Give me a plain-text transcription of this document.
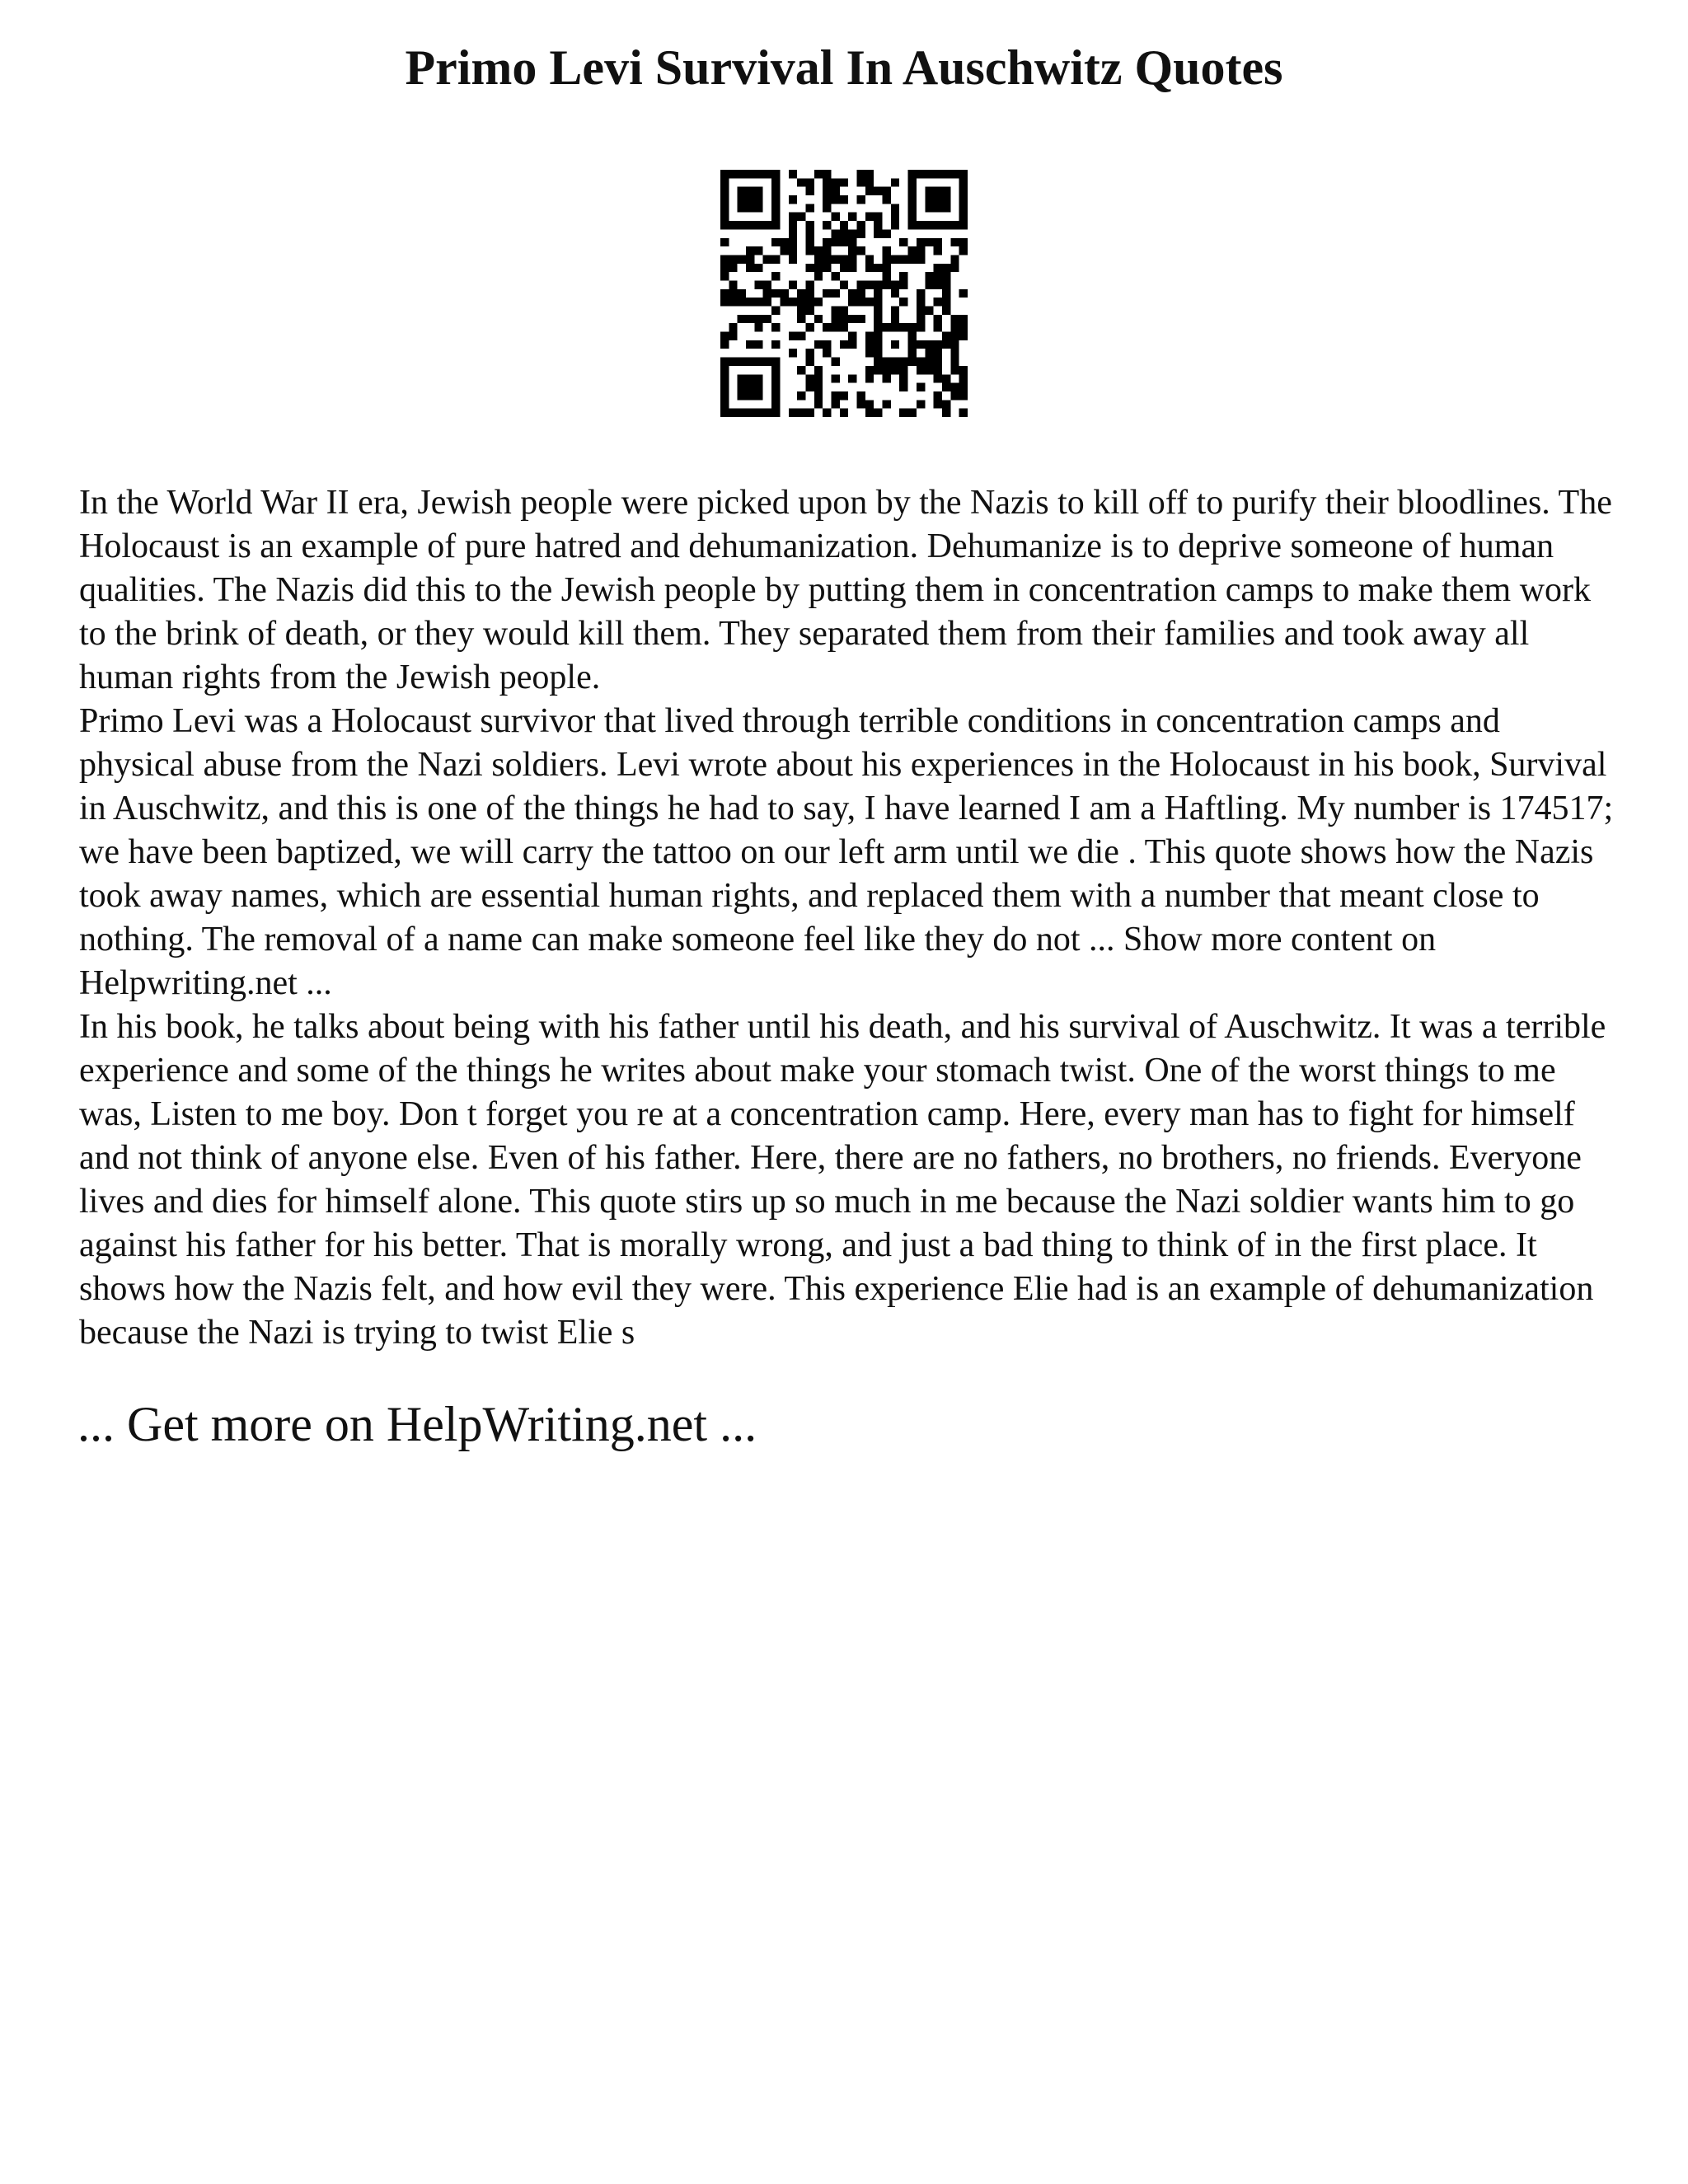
Primo Levi Survival In Auschwitz Quotes

In the World War II era, Jewish people were picked upon by the Nazis to kill off to purify their bloodlines. The Holocaust is an example of pure hatred and dehumanization. Dehumanize is to deprive someone of human qualities. The Nazis did this to the Jewish people by putting them in concentration camps to make them work to the brink of death, or they would kill them. They separated them from their families and took away all human rights from the Jewish people.

Primo Levi was a Holocaust survivor that lived through terrible conditions in concentration camps and physical abuse from the Nazi soldiers. Levi wrote about his experiences in the Holocaust in his book, Survival in Auschwitz, and this is one of the things he had to say, I have learned I am a Haftling. My number is 174517; we have been baptized, we will carry the tattoo on our left arm until we die . This quote shows how the Nazis took away names, which are essential human rights, and replaced them with a number that meant close to nothing. The removal of a name can make someone feel like they do not ... Show more content on Helpwriting.net ...

In his book, he talks about being with his father until his death, and his survival of Auschwitz. It was a terrible experience and some of the things he writes about make your stomach twist. One of the worst things to me was, Listen to me boy. Don t forget you re at a concentration camp. Here, every man has to fight for himself and not think of anyone else. Even of his father. Here, there are no fathers, no brothers, no friends. Everyone lives and dies for himself alone. This quote stirs up so much in me because the Nazi soldier wants him to go against his father for his better. That is morally wrong, and just a bad thing to think of in the first place. It shows how the Nazis felt, and how evil they were. This experience Elie had is an example of dehumanization because the Nazi is trying to twist Elie s

... Get more on HelpWriting.net ...
